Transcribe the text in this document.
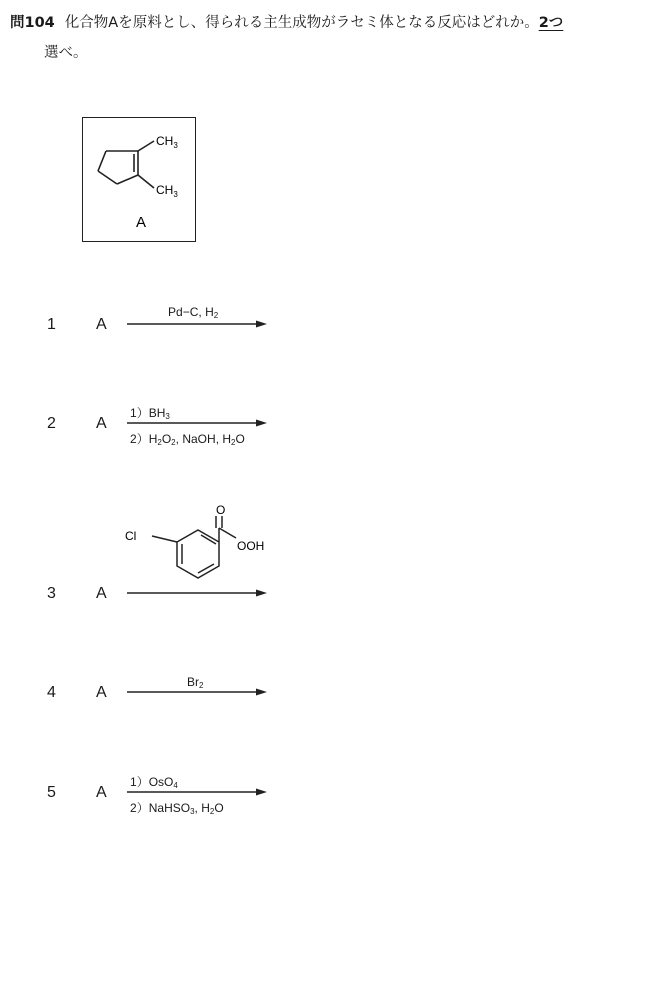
問104 化合物Aを原料とし、得られる主生成物がラセミ体となる反応はどれか。2つ
選べ。
$CH_3$
$CH_3$
A
1	A
Pd−C, $H_2$
2	A
$1)BH_3$
$2)H_2O_2$, NaOH, $H_2O$
O
OOH
Cl
3	A
4	A
$Br_2$
5	A
1）OsO$_4$
2）NaHSO$_3$, $H_2O$
